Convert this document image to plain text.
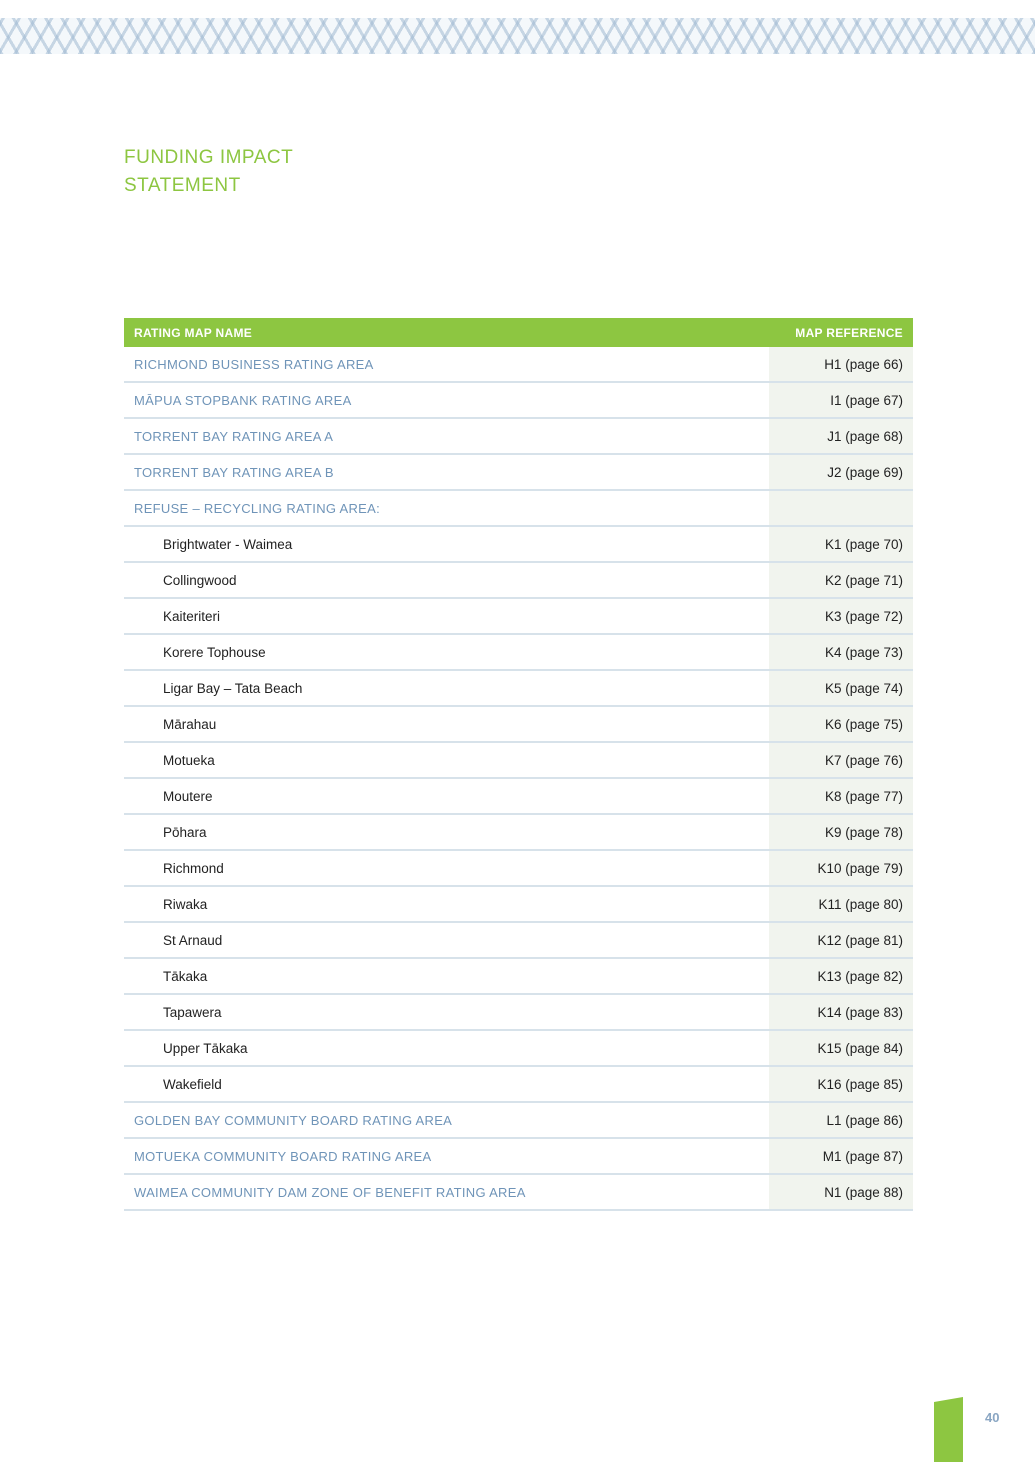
FUNDING IMPACT
STATEMENT
RATING MAP NAME	MAP REFERENCE
RICHMOND BUSINESS RATING AREA	H1 (page 66)
MĀPUA STOPBANK RATING AREA	I1 (page 67)
TORRENT BAY RATING AREA A	J1 (page 68)
TORRENT BAY RATING AREA B	J2 (page 69)
REFUSE – RECYCLING RATING AREA:	
Brightwater - Waimea	K1 (page 70)
Collingwood	K2 (page 71)
Kaiteriteri	K3 (page 72)
Korere Tophouse	K4 (page 73)
Ligar Bay – Tata Beach	K5 (page 74)
Mārahau	K6 (page 75)
Motueka	K7 (page 76)
Moutere	K8 (page 77)
Pōhara	K9 (page 78)
Richmond	K10 (page 79)
Riwaka	K11 (page 80)
St Arnaud	K12 (page 81)
Tākaka	K13 (page 82)
Tapawera	K14 (page 83)
Upper Tākaka	K15 (page 84)
Wakefield	K16 (page 85)
GOLDEN BAY COMMUNITY BOARD RATING AREA	L1 (page 86)
MOTUEKA COMMUNITY BOARD RATING AREA	M1 (page 87)
WAIMEA COMMUNITY DAM ZONE OF BENEFIT RATING AREA	N1 (page 88)
40
